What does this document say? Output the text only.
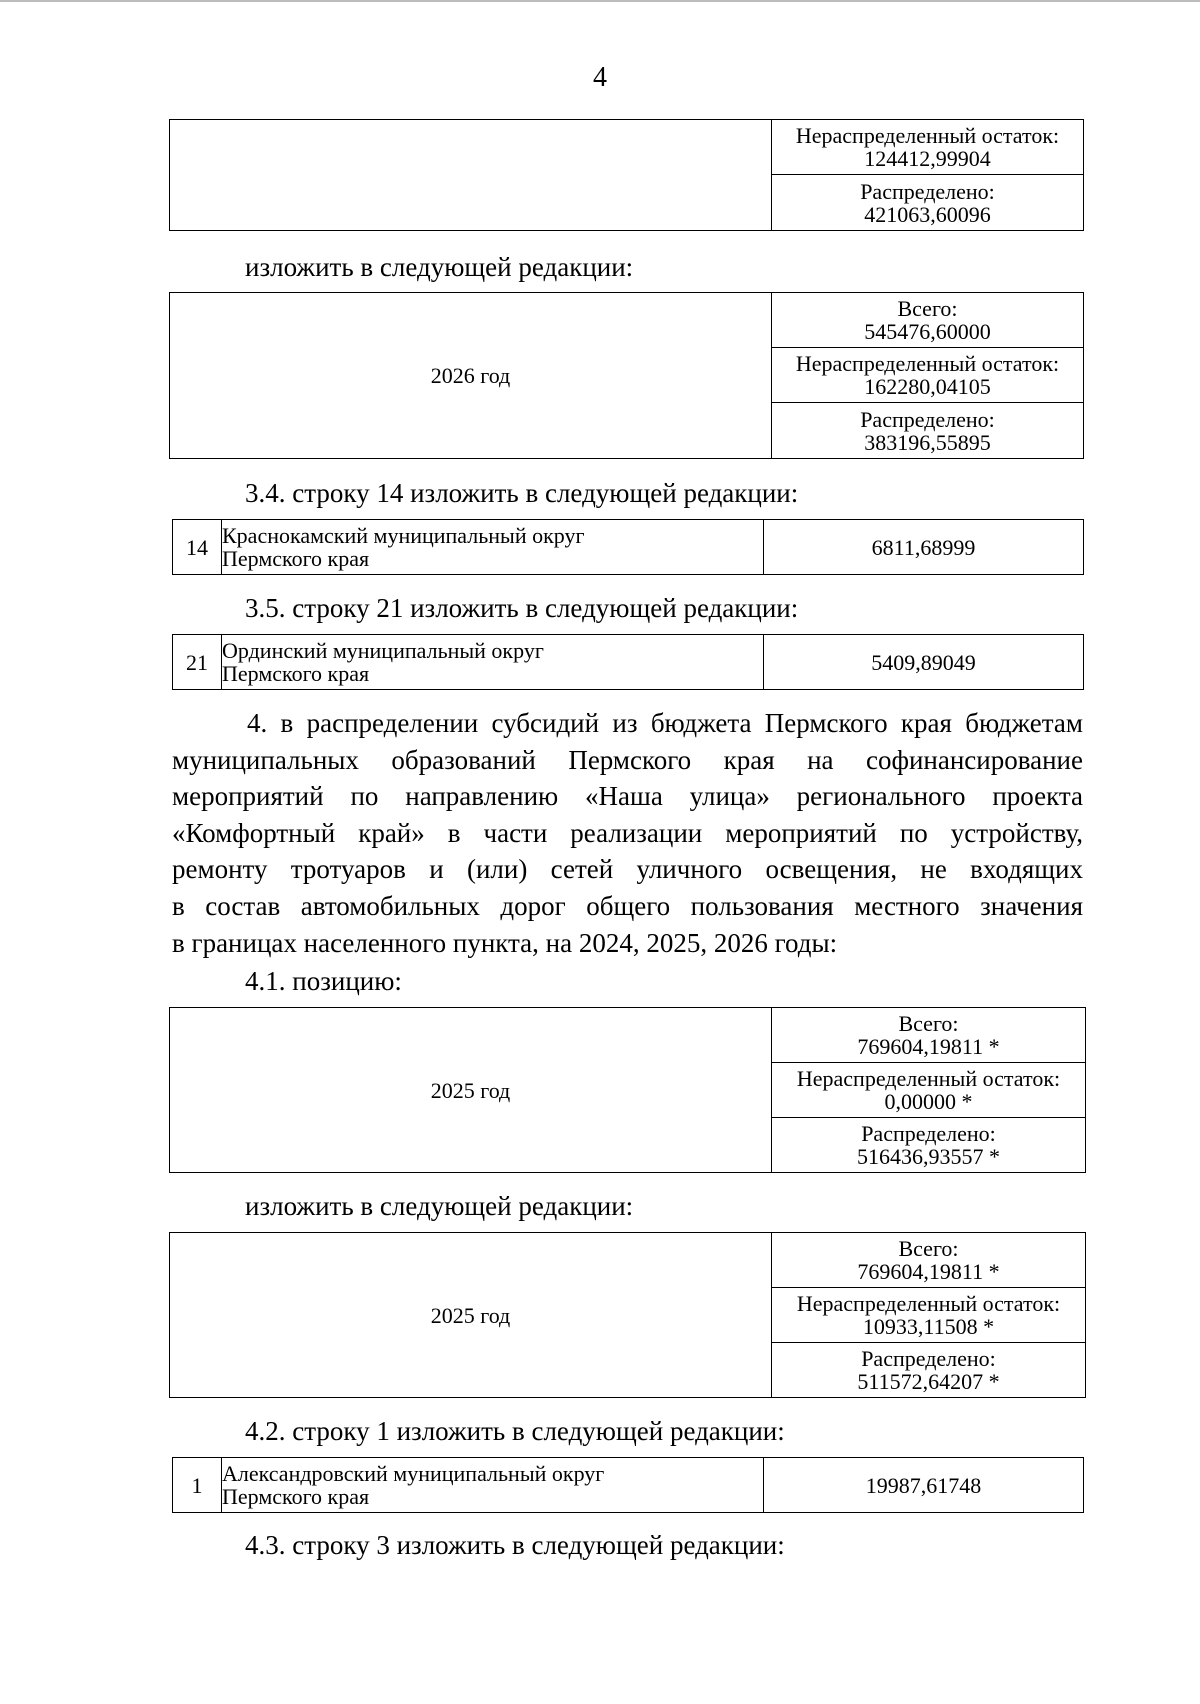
4

Нераспределенный остаток:
124412,99904

Распределено:
421063,60096
изложить в следующей редакции:
2026 год	
Всего:
545476,60000

Нераспределенный остаток:
162280,04105

Распределено:
383196,55895
3.4. строку 14 изложить в следующей редакции:
14	Краснокамский муниципальный округ
Пермского края	6811,68999
3.5. строку 21 изложить в следующей редакции:
21	Ординский муниципальный округ
Пермского края	5409,89049
4. в распределении субсидий из бюджета Пермского края бюджетам
муниципальных образований Пермского края на софинансирование
мероприятий по направлению «Наша улица» регионального проекта
«Комфортный край» в части реализации мероприятий по устройству,
ремонту тротуаров и (или) сетей уличного освещения, не входящих
в состав автомобильных дорог общего пользования местного значения
в границах населенного пункта, на 2024, 2025, 2026 годы:
4.1. позицию:
2025 год	
Всего:
769604,19811 *

Нераспределенный остаток:
0,00000 *

Распределено:
516436,93557 *
изложить в следующей редакции:
2025 год	
Всего:
769604,19811 *

Нераспределенный остаток:
10933,11508 *

Распределено:
511572,64207 *
4.2. строку 1 изложить в следующей редакции:
1	Александровский муниципальный округ
Пермского края	19987,61748
4.3. строку 3 изложить в следующей редакции:
